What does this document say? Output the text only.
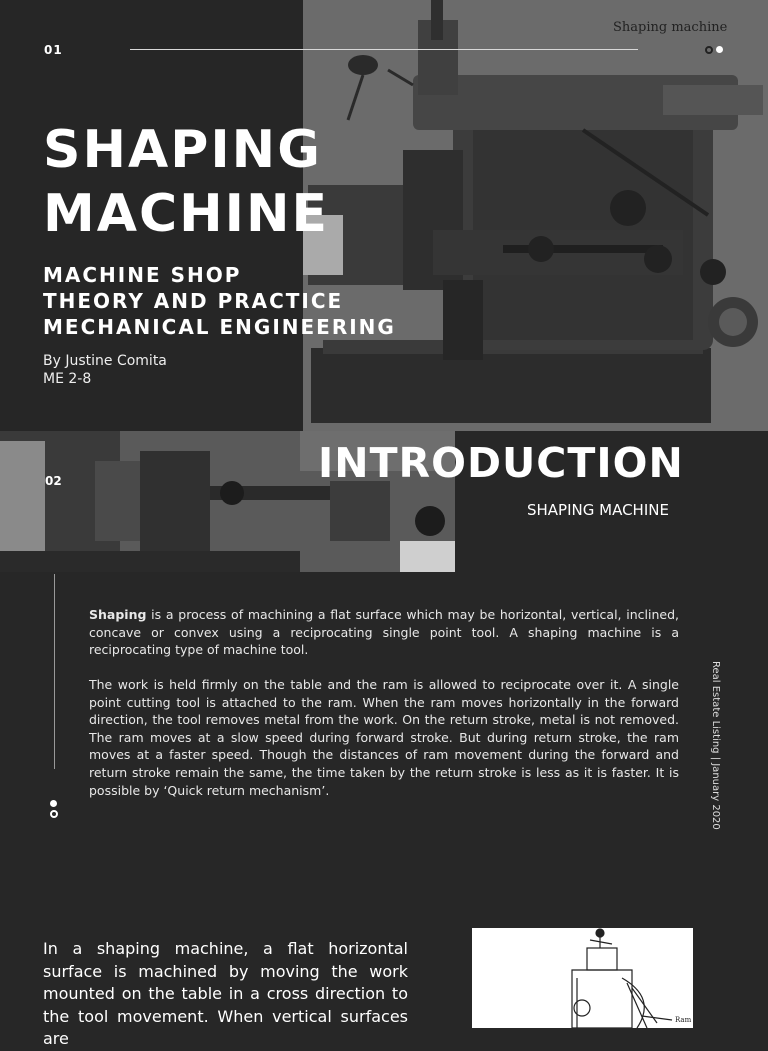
01
Shaping machine
SHAPING
MACHINE
MACHINE SHOP
THEORY AND PRACTICE
MECHANICAL ENGINEERING
By Justine Comita
ME 2-8
02	INTRODUCTION
SHAPING MACHINE
Real Estate Listing | January 2020

Shaping is a process of machining a flat surface which may be horizontal, vertical, inclined, concave or convex using a reciprocating single point tool. A shaping machine is a reciprocating type of machine tool.

The work is held firmly on the table and the ram is allowed to reciprocate over it. A single point cutting tool is attached to the ram. When the ram moves horizontally in the forward direction, the tool removes metal from the work. On the return stroke, metal is not removed. The ram moves at a slow speed during forward stroke. But during return stroke, the ram moves at a faster speed. Though the distances of ram movement during the forward and return stroke remain the same, the time taken by the return stroke is less as it is faster. It is possible by ‘Quick return mechanism’.

In a shaping machine, a flat horizontal surface is machined by moving the work mounted on the table in a cross direction to the tool movement. When vertical surfaces are

Ram
